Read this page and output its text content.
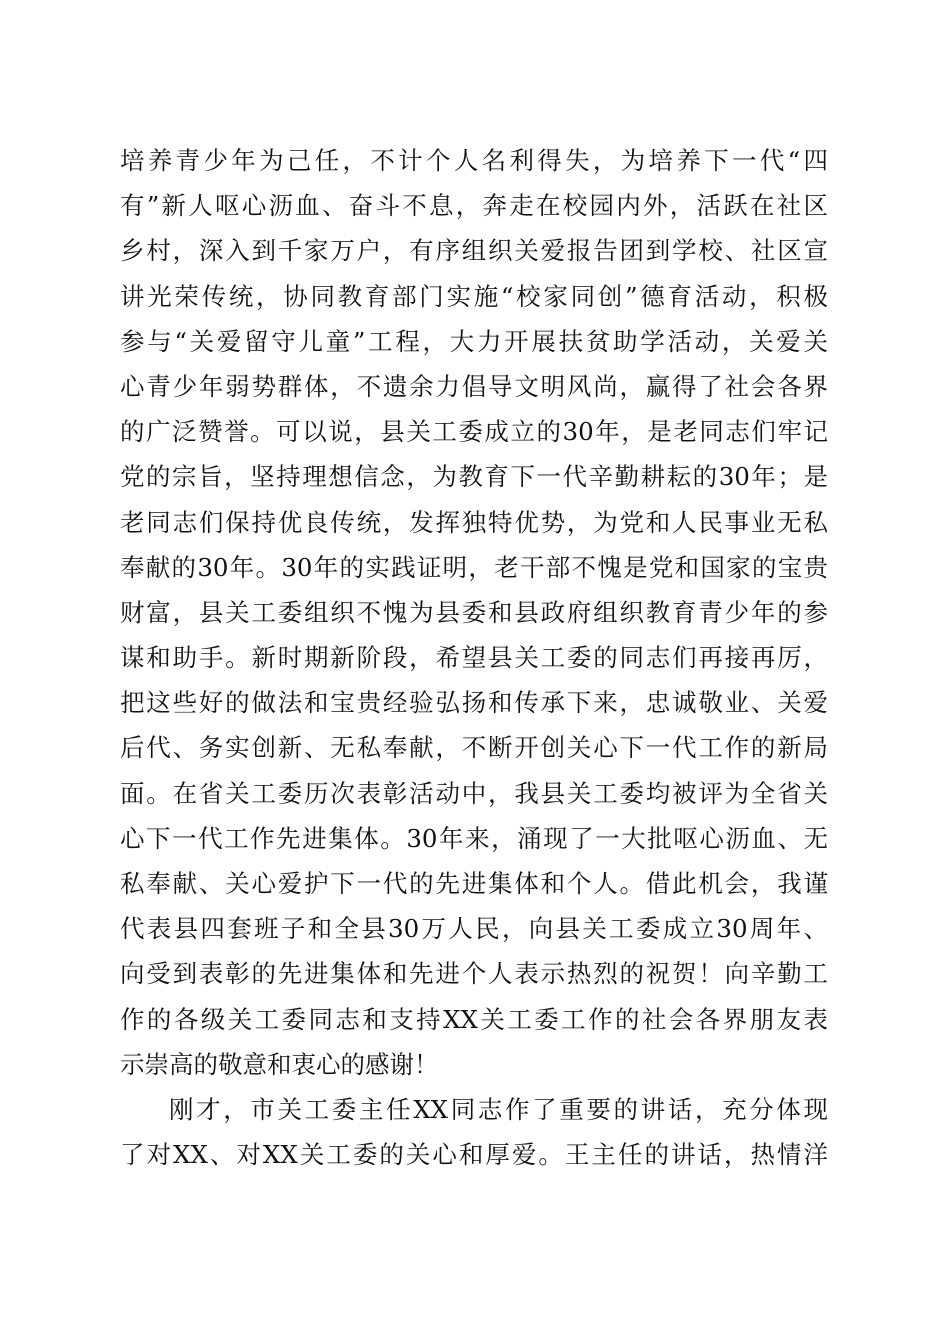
培养青少年为己任，不计个人名利得失，为培养下一代“四
有”新人呕心沥血、奋斗不息，奔走在校园内外，活跃在社区
乡村，深入到千家万户，有序组织关爱报告团到学校、社区宣
讲光荣传统，协同教育部门实施“校家同创”德育活动，积极
参与“关爱留守儿童”工程，大力开展扶贫助学活动，关爱关
心青少年弱势群体，不遗余力倡导文明风尚，赢得了社会各界
的广泛赞誉。可以说，县关工委成立的30年，是老同志们牢记
党的宗旨，坚持理想信念，为教育下一代辛勤耕耘的30年；是
老同志们保持优良传统，发挥独特优势，为党和人民事业无私
奉献的30年。30年的实践证明，老干部不愧是党和国家的宝贵
财富，县关工委组织不愧为县委和县政府组织教育青少年的参
谋和助手。新时期新阶段，希望县关工委的同志们再接再厉，
把这些好的做法和宝贵经验弘扬和传承下来，忠诚敬业、关爱
后代、务实创新、无私奉献，不断开创关心下一代工作的新局
面。在省关工委历次表彰活动中，我县关工委均被评为全省关
心下一代工作先进集体。30年来，涌现了一大批呕心沥血、无
私奉献、关心爱护下一代的先进集体和个人。借此机会，我谨
代表县四套班子和全县30万人民，向县关工委成立30周年、
向受到表彰的先进集体和先进个人表示热烈的祝贺！向辛勤工
作的各级关工委同志和支持XX关工委工作的社会各界朋友表
示崇高的敬意和衷心的感谢！
刚才，市关工委主任XX同志作了重要的讲话，充分体现
了对XX、对XX关工委的关心和厚爱。王主任的讲话，热情洋
